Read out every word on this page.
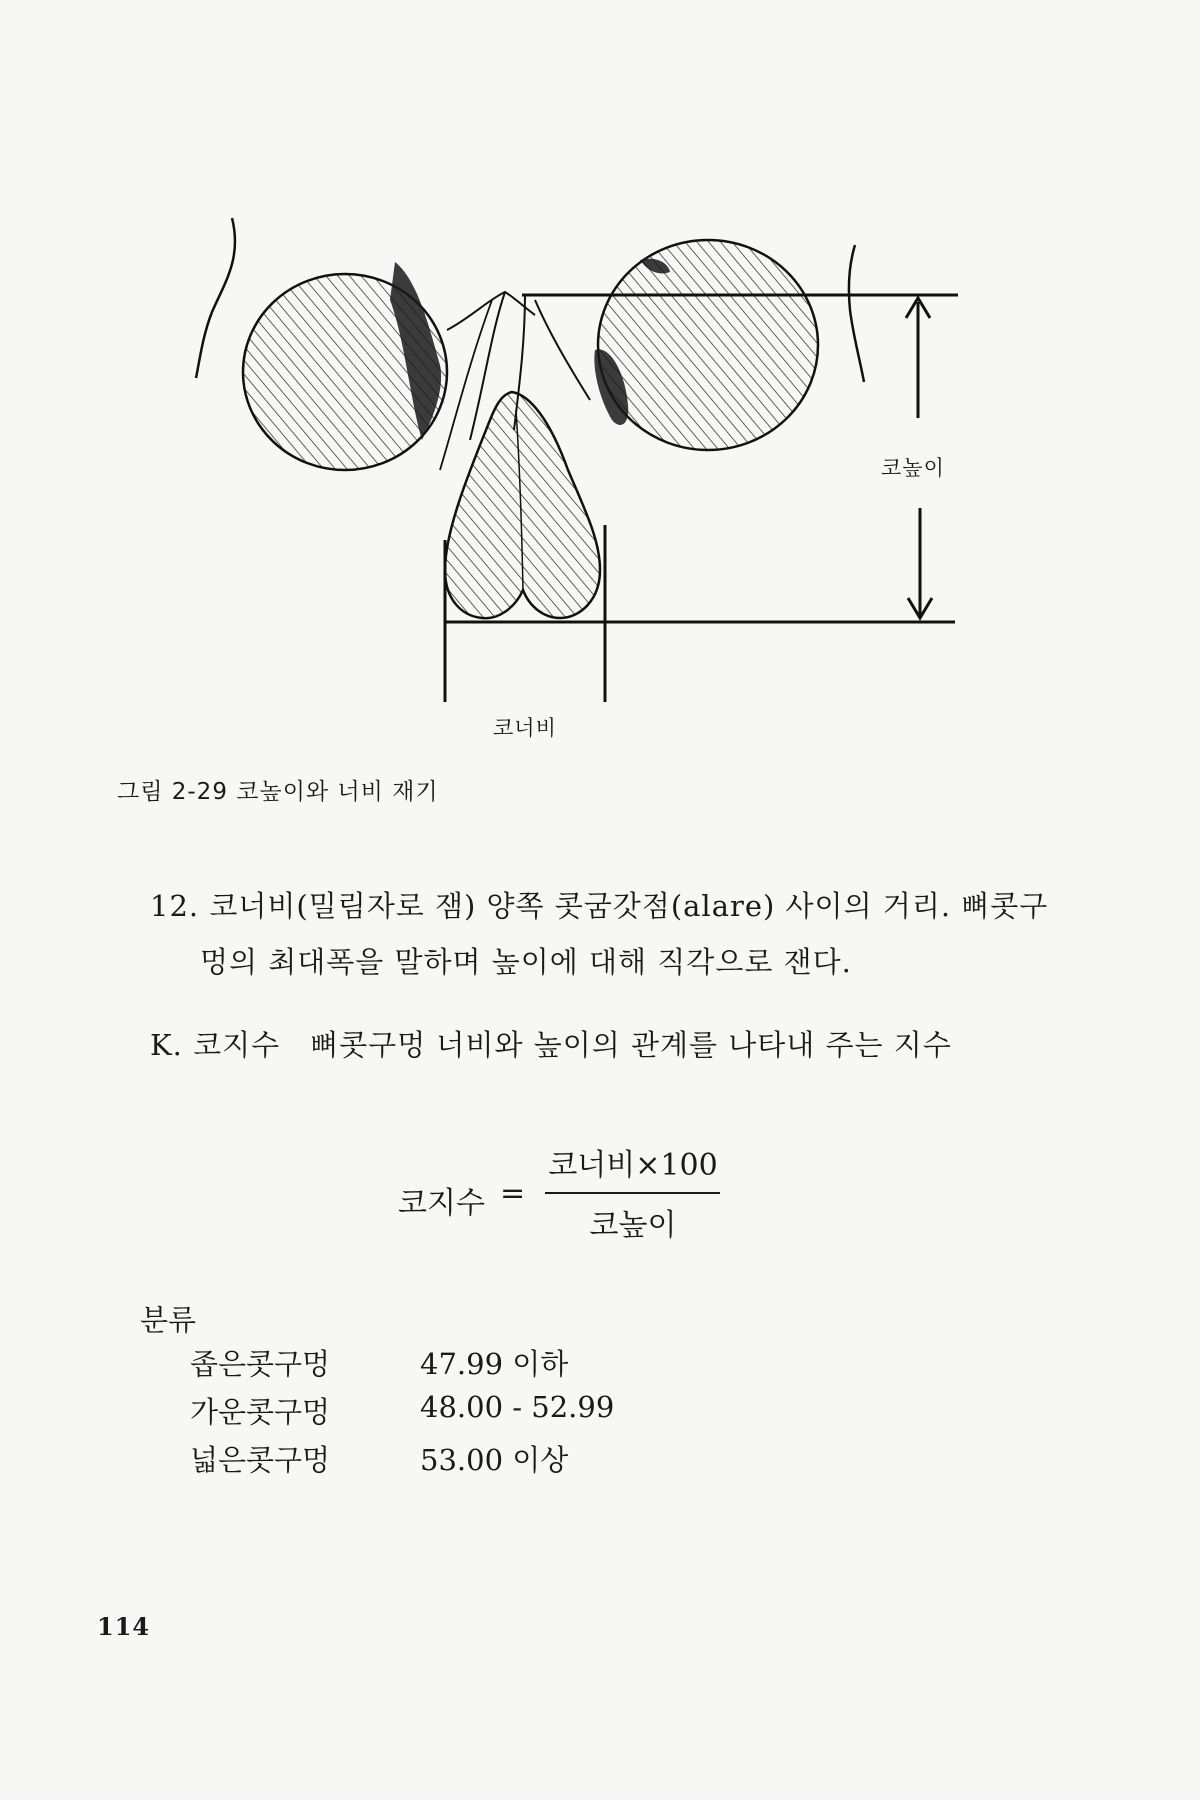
코높이
코너비
그림 2-29 코높이와 너비 재기
12. 코너비(밀림자로 잼) 양쪽 콧굼갓점(alare) 사이의 거리. 뼈콧구
멍의 최대폭을 말하며 높이에 대해 직각으로 잰다.
K. 코지수 뼈콧구멍 너비와 높이의 관계를 나타내 주는 지수
코지수 =
코너비×100
코높이
분류
좁은콧구멍	47.99 이하
가운콧구멍	48.00 - 52.99
넓은콧구멍	53.00 이상
114
